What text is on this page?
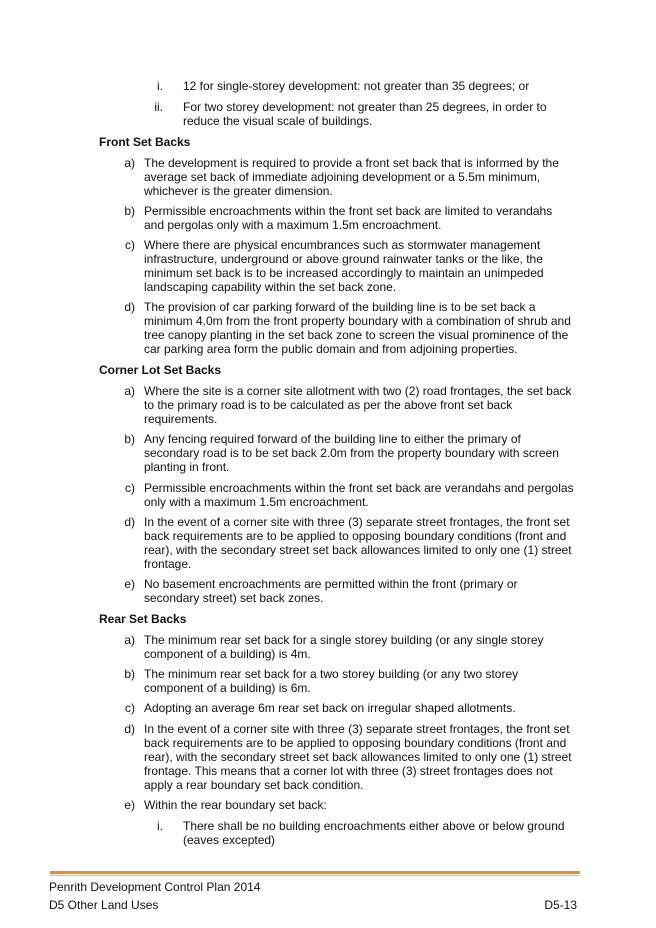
i. 12 for single-storey development: not greater than 35 degrees; or
ii. For two storey development: not greater than 25 degrees, in order to
reduce the visual scale of buildings.
Front Set Backs
a) The development is required to provide a front set back that is informed by the
average set back of immediate adjoining development or a 5.5m minimum,
whichever is the greater dimension.
b) Permissible encroachments within the front set back are limited to verandahs
and pergolas only with a maximum 1.5m encroachment.
c) Where there are physical encumbrances such as stormwater management
infrastructure, underground or above ground rainwater tanks or the like, the
minimum set back is to be increased accordingly to maintain an unimpeded
landscaping capability within the set back zone.
d) The provision of car parking forward of the building line is to be set back a
minimum 4.0m from the front property boundary with a combination of shrub and
tree canopy planting in the set back zone to screen the visual prominence of the
car parking area form the public domain and from adjoining properties.
Corner Lot Set Backs
a) Where the site is a corner site allotment with two (2) road frontages, the set back
to the primary road is to be calculated as per the above front set back
requirements.
b) Any fencing required forward of the building line to either the primary of
secondary road is to be set back 2.0m from the property boundary with screen
planting in front.
c) Permissible encroachments within the front set back are verandahs and pergolas
only with a maximum 1.5m encroachment.
d) In the event of a corner site with three (3) separate street frontages, the front set
back requirements are to be applied to opposing boundary conditions (front and
rear), with the secondary street set back allowances limited to only one (1) street
frontage.
e) No basement encroachments are permitted within the front (primary or
secondary street) set back zones.
Rear Set Backs
a) The minimum rear set back for a single storey building (or any single storey
component of a building) is 4m.
b) The minimum rear set back for a two storey building (or any two storey
component of a building) is 6m.
c) Adopting an average 6m rear set back on irregular shaped allotments.
d) In the event of a corner site with three (3) separate street frontages, the front set
back requirements are to be applied to opposing boundary conditions (front and
rear), with the secondary street set back allowances limited to only one (1) street
frontage. This means that a corner lot with three (3) street frontages does not
apply a rear boundary set back condition.
e) Within the rear boundary set back:
i. There shall be no building encroachments either above or below ground
(eaves excepted)
Penrith Development Control Plan 2014
D5 Other Land Uses	D5-13
